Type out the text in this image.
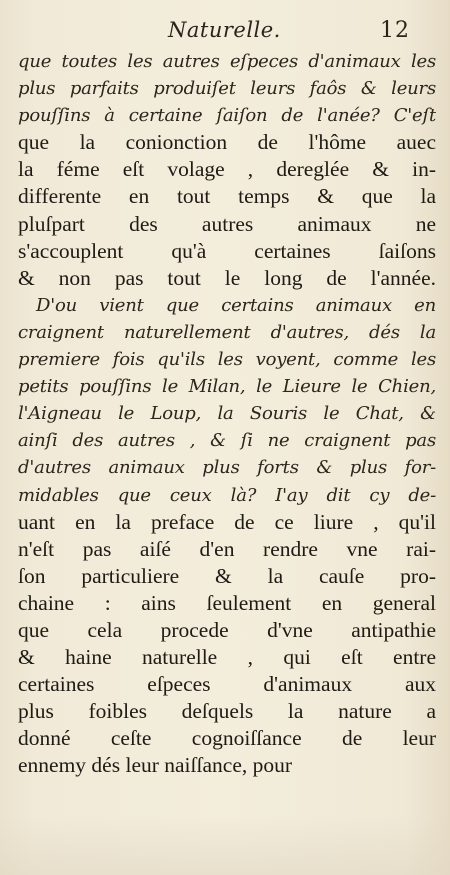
Naturelle.	12
que toutes les autres eſpeces d'animaux les
plus parfaits produiſet leurs faôs & leurs
pouſſins à certaine ſaiſon de l'anée? C'eſt
que la conionction de l'hôme auec
la féme eſt volage , dereglée & in-
differente en tout temps & que la
pluſpart des autres animaux ne
s'accouplent qu'à certaines ſaiſons
& non pas tout le long de l'année.
D'ou vient que certains animaux en
craignent naturellement d'autres, dés la
premiere fois qu'ils les voyent, comme les
petits pouſſins le Milan, le Lieure le Chien,
l'Aigneau le Loup, la Souris le Chat, &
ainſi des autres , & ſi ne craignent pas
d'autres animaux plus forts & plus for-
midables que ceux là? I'ay dit cy de-
uant en la preface de ce liure , qu'il
n'eſt pas aiſé d'en rendre vne rai-
ſon particuliere & la cauſe pro-
chaine : ains ſeulement en general
que cela procede d'vne antipathie
& haine naturelle , qui eſt entre
certaines eſpeces d'animaux aux
plus foibles deſquels la nature a
donné ceſte cognoiſſance de leur
ennemy dés leur naiſſance, pour
